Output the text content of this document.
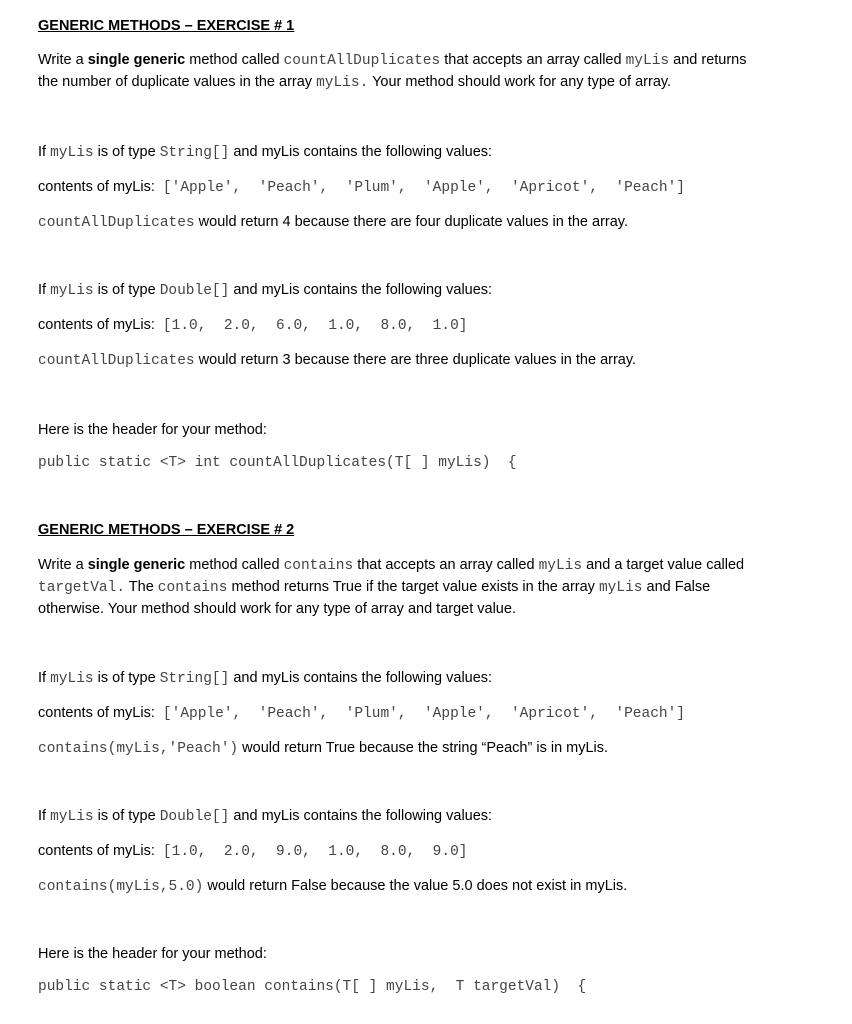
GENERIC METHODS – EXERCISE # 1
Write a single generic method called countAllDuplicates that accepts an array called myLis and returns
the number of duplicate values in the array myLis. Your method should work for any type of array.
If myLis is of type String[] and myLis contains the following values:
contents of myLis: ['Apple',  'Peach',  'Plum',  'Apple',  'Apricot',  'Peach']
countAllDuplicates would return 4 because there are four duplicate values in the array.
If myLis is of type Double[] and myLis contains the following values:
contents of myLis: [1.0,  2.0,  6.0,  1.0,  8.0,  1.0]
countAllDuplicates would return 3 because there are three duplicate values in the array.
Here is the header for your method:
public static <T> int countAllDuplicates(T[ ] myLis)  {
GENERIC METHODS – EXERCISE # 2
Write a single generic method called contains that accepts an array called myLis and a target value called
targetVal. The contains method returns True if the target value exists in the array myLis and False
otherwise. Your method should work for any type of array and target value.
If myLis is of type String[] and myLis contains the following values:
contents of myLis: ['Apple',  'Peach',  'Plum',  'Apple',  'Apricot',  'Peach']
contains(myLis,'Peach') would return True because the string “Peach” is in myLis.
If myLis is of type Double[] and myLis contains the following values:
contents of myLis: [1.0,  2.0,  9.0,  1.0,  8.0,  9.0]
contains(myLis,5.0) would return False because the value 5.0 does not exist in myLis.
Here is the header for your method:
public static <T> boolean contains(T[ ] myLis,  T targetVal)  {
